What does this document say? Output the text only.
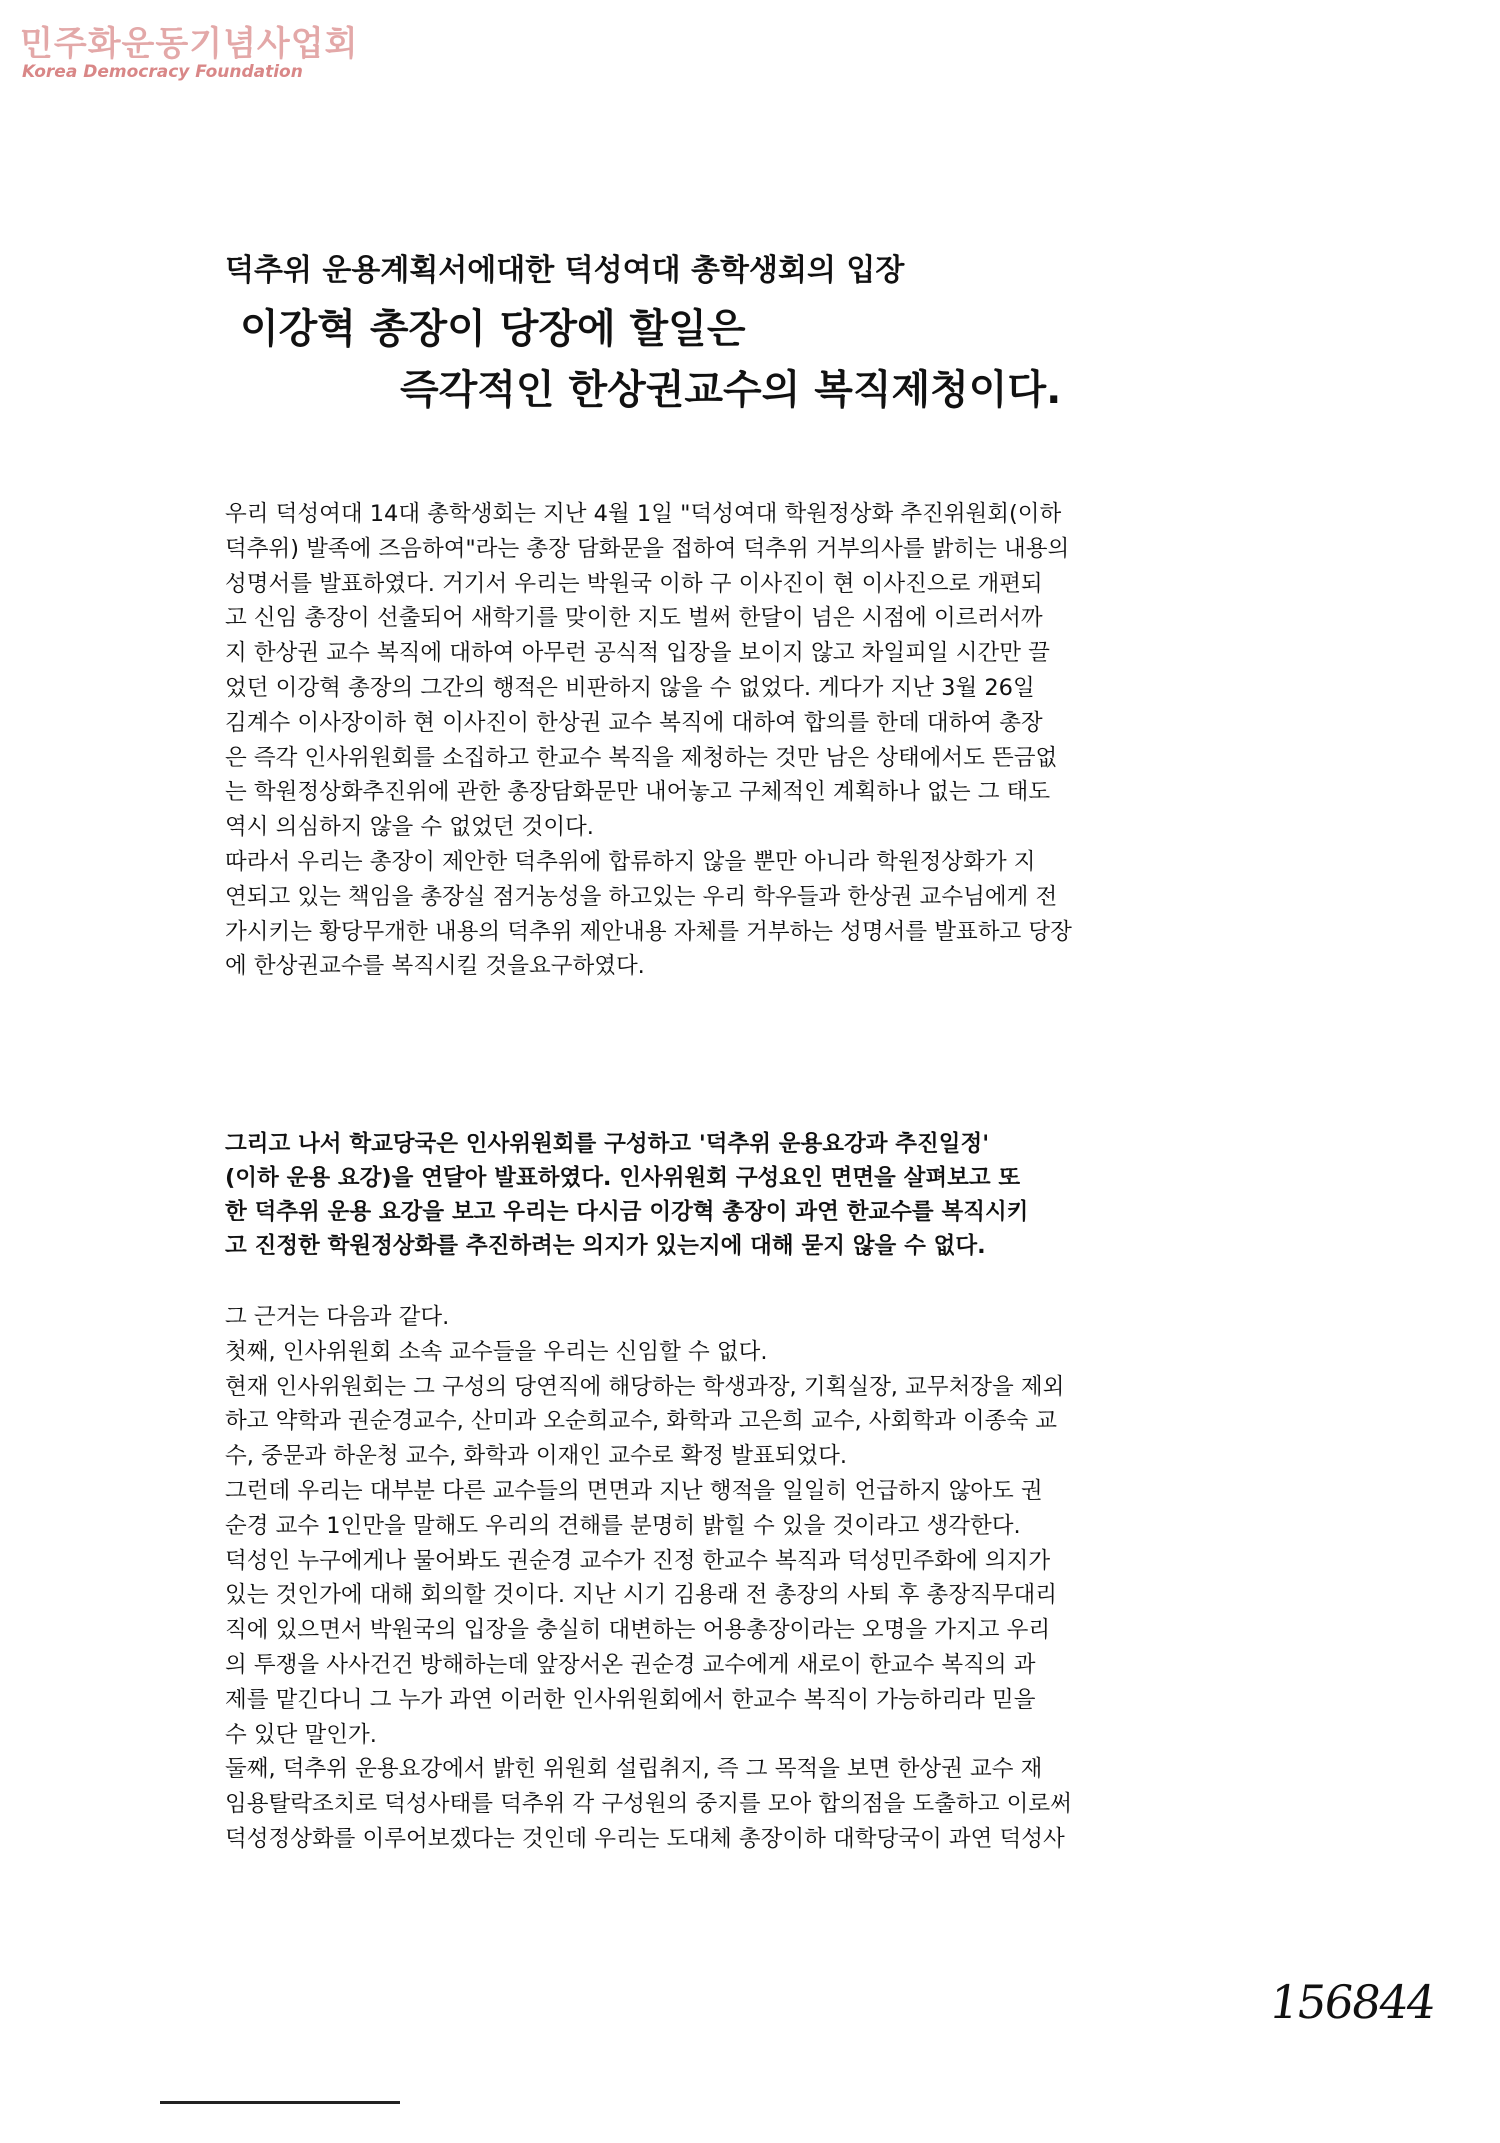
민주화운동기념사업회
Korea Democracy Foundation
덕추위 운용계획서에대한 덕성여대 총학생회의 입장
이강혁 총장이 당장에 할일은
즉각적인 한상권교수의 복직제청이다.
우리 덕성여대 14대 총학생회는 지난 4월 1일 "덕성여대 학원정상화 추진위원회(이하
덕추위) 발족에 즈음하여"라는 총장 담화문을 접하여 덕추위 거부의사를 밝히는 내용의
성명서를 발표하였다. 거기서 우리는 박원국 이하 구 이사진이 현 이사진으로 개편되
고 신임 총장이 선출되어 새학기를 맞이한 지도 벌써 한달이 넘은 시점에 이르러서까
지 한상권 교수 복직에 대하여 아무런 공식적 입장을 보이지 않고 차일피일 시간만 끌
었던 이강혁 총장의 그간의 행적은 비판하지 않을 수 없었다. 게다가 지난 3월 26일
김계수 이사장이하 현 이사진이 한상권 교수 복직에 대하여 합의를 한데 대하여 총장
은 즉각 인사위원회를 소집하고 한교수 복직을 제청하는 것만 남은 상태에서도 뜬금없
는 학원정상화추진위에 관한 총장담화문만 내어놓고 구체적인 계획하나 없는 그 태도
역시 의심하지 않을 수 없었던 것이다.
따라서 우리는 총장이 제안한 덕추위에 합류하지 않을 뿐만 아니라 학원정상화가 지
연되고 있는 책임을 총장실 점거농성을 하고있는 우리 학우들과 한상권 교수님에게 전
가시키는 황당무개한 내용의 덕추위 제안내용 자체를 거부하는 성명서를 발표하고 당장
에 한상권교수를 복직시킬 것을요구하였다.
그리고 나서 학교당국은 인사위원회를 구성하고 '덕추위 운용요강과 추진일정'
(이하 운용 요강)을 연달아 발표하였다. 인사위원회 구성요인 면면을 살펴보고 또
한 덕추위 운용 요강을 보고 우리는 다시금 이강혁 총장이 과연 한교수를 복직시키
고 진정한 학원정상화를 추진하려는 의지가 있는지에 대해 묻지 않을 수 없다.
그 근거는 다음과 같다.
첫째, 인사위원회 소속 교수들을 우리는 신임할 수 없다.
현재 인사위원회는 그 구성의 당연직에 해당하는 학생과장, 기획실장, 교무처장을 제외
하고 약학과 권순경교수, 산미과 오순희교수, 화학과 고은희 교수, 사회학과 이종숙 교
수, 중문과 하운청 교수, 화학과 이재인 교수로 확정 발표되었다.
그런데 우리는 대부분 다른 교수들의 면면과 지난 행적을 일일히 언급하지 않아도 권
순경 교수 1인만을 말해도 우리의 견해를 분명히 밝힐 수 있을 것이라고 생각한다.
덕성인 누구에게나 물어봐도 권순경 교수가 진정 한교수 복직과 덕성민주화에 의지가
있는 것인가에 대해 회의할 것이다. 지난 시기 김용래 전 총장의 사퇴 후 총장직무대리
직에 있으면서 박원국의 입장을 충실히 대변하는 어용총장이라는 오명을 가지고 우리
의 투쟁을 사사건건 방해하는데 앞장서온 권순경 교수에게 새로이 한교수 복직의 과
제를 맡긴다니 그 누가 과연 이러한 인사위원회에서 한교수 복직이 가능하리라 믿을
수 있단 말인가.
둘째, 덕추위 운용요강에서 밝힌 위원회 설립취지, 즉 그 목적을 보면 한상권 교수 재
임용탈락조치로 덕성사태를 덕추위 각 구성원의 중지를 모아 합의점을 도출하고 이로써
덕성정상화를 이루어보겠다는 것인데 우리는 도대체 총장이하 대학당국이 과연 덕성사
156844
